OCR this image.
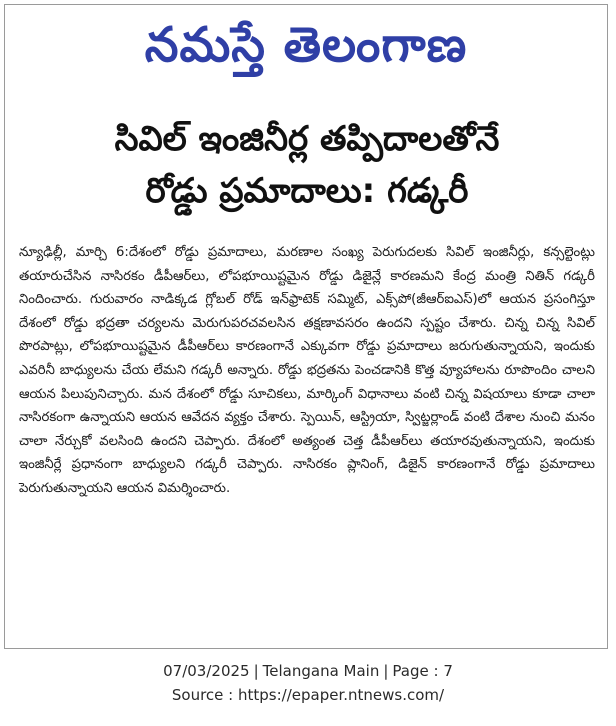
నమస్తే తెలంగాణ
సివిల్ ఇంజినీర్ల తప్పిదాలతోనే
రోడ్డు ప్రమాదాలు: గడ్కరీ

న్యూఢిల్లీ, మార్చి 6:దేశంలో రోడ్డు ప్రమాదాలు, మరణాల సంఖ్య పెరుగుదలకు సివిల్ ఇంజినీర్లు, కన్సల్టెంట్లు తయారుచేసిన నాసిరకం డీపీఆర్‌లు, లోపభూయిష్టమైన రోడ్డు డిజైన్లే కారణమని కేంద్ర మంత్రి నితిన్ గడ్కరీ నిందించారు. గురువారం నాడిక్కడ గ్లోబల్ రోడ్ ఇన్‌ఫ్రాటెక్ సమ్మిట్, ఎక్స్‌పో(జీఆర్‌ఐఎస్)లో ఆయన ప్రసంగిస్తూ దేశంలో రోడ్డు భద్రతా చర్యలను మెరుగుపరచవలసిన తక్షణావసరం ఉందని స్పష్టం చేశారు. చిన్న చిన్న సివిల్ పొరపాట్లు, లోపభూయిష్టమైన డీపీఆర్‌లు కారణంగానే ఎక్కువగా రోడ్డు ప్రమాదాలు జరుగుతున్నాయని, ఇందుకు ఎవరినీ బాధ్యులను చేయ లేమని గడ్కరీ అన్నారు. రోడ్డు భద్రతను పెంచడానికి కొత్త వ్యూహాలను రూపొందిం చాలని ఆయన పిలుపునిచ్చారు. మన దేశంలో రోడ్డు సూచికలు, మార్కింగ్ విధానాలు వంటి చిన్న విషయాలు కూడా చాలా నాసిరకంగా ఉన్నాయని ఆయన ఆవేదన వ్యక్తం చేశారు. స్పెయిన్, ఆస్ట్రియా, స్విట్జర్లాండ్ వంటి దేశాల నుంచి మనం చాలా నేర్చుకో వలసింది ఉందని చెప్పారు. దేశంలో అత్యంత చెత్త డీపీఆర్‌లు తయారవుతున్నాయని, ఇందుకు ఇంజినీర్లే ప్రధానంగా బాధ్యులని గడ్కరీ చెప్పారు. నాసిరకం ప్లానింగ్, డిజైన్ కారణంగానే రోడ్డు ప్రమాదాలు పెరుగుతున్నాయని ఆయన విమర్శించారు.

07/03/2025 | Telangana Main | Page : 7
Source : https://epaper.ntnews.com/
